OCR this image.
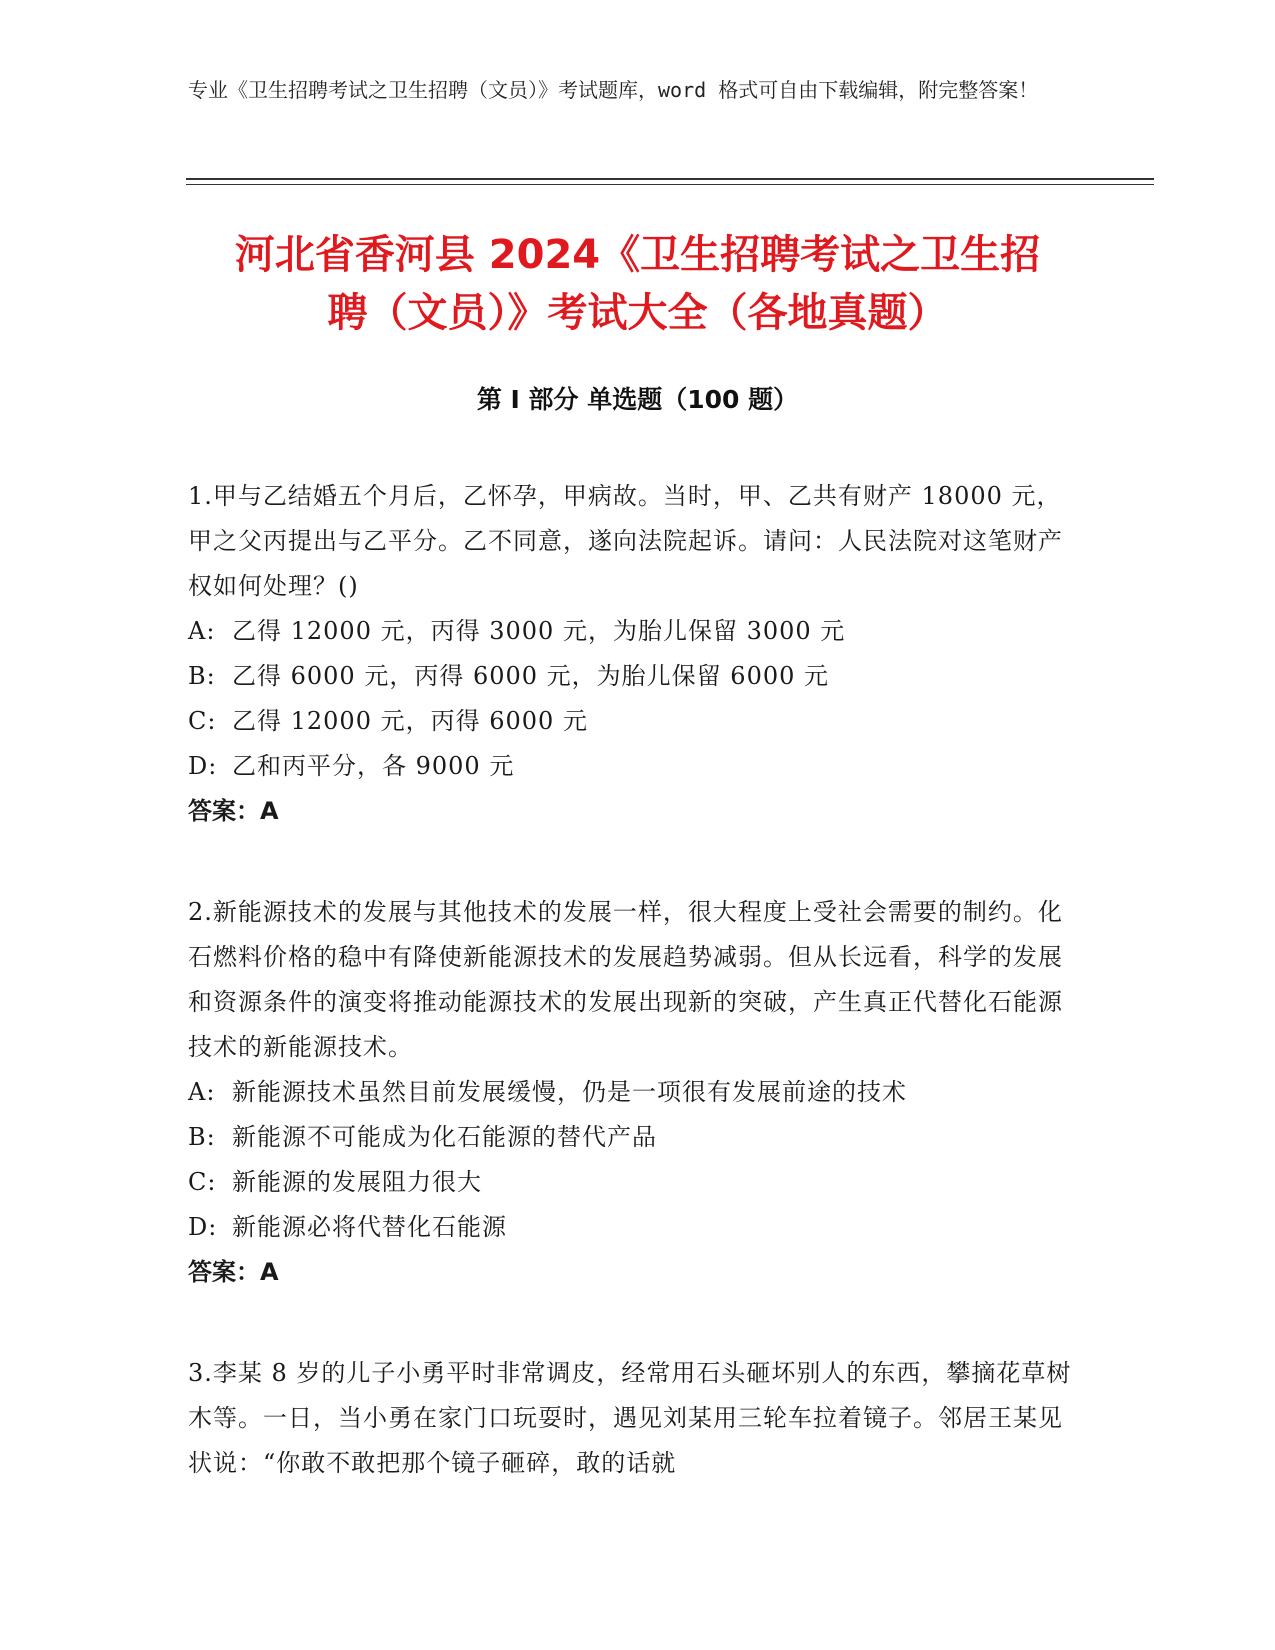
专业《卫生招聘考试之卫生招聘（文员）》考试题库，word 格式可自由下载编辑，附完整答案！
河北省香河县 2024《卫生招聘考试之卫生招
聘（文员）》考试大全（各地真题）
第 I 部分 单选题（100 题）

1.甲与乙结婚五个月后，乙怀孕，甲病故。当时，甲、乙共有财产 18000 元，甲之父丙提出与乙平分。乙不同意，遂向法院起诉。请问：人民法院对这笔财产权如何处理？()

A: 乙得 12000 元，丙得 3000 元，为胎儿保留 3000 元

B: 乙得 6000 元，丙得 6000 元，为胎儿保留 6000 元

C: 乙得 12000 元，丙得 6000 元

D: 乙和丙平分，各 9000 元

答案：A

2.新能源技术的发展与其他技术的发展一样，很大程度上受社会需要的制约。化石燃料价格的稳中有降使新能源技术的发展趋势减弱。但从长远看，科学的发展和资源条件的演变将推动能源技术的发展出现新的突破，产生真正代替化石能源技术的新能源技术。

A: 新能源技术虽然目前发展缓慢，仍是一项很有发展前途的技术

B: 新能源不可能成为化石能源的替代产品

C: 新能源的发展阻力很大

D: 新能源必将代替化石能源

答案：A

3.李某 8 岁的儿子小勇平时非常调皮，经常用石头砸坏别人的东西，攀摘花草树木等。一日，当小勇在家门口玩耍时，遇见刘某用三轮车拉着镜子。邻居王某见状说：“你敢不敢把那个镜子砸碎，敢的话就
